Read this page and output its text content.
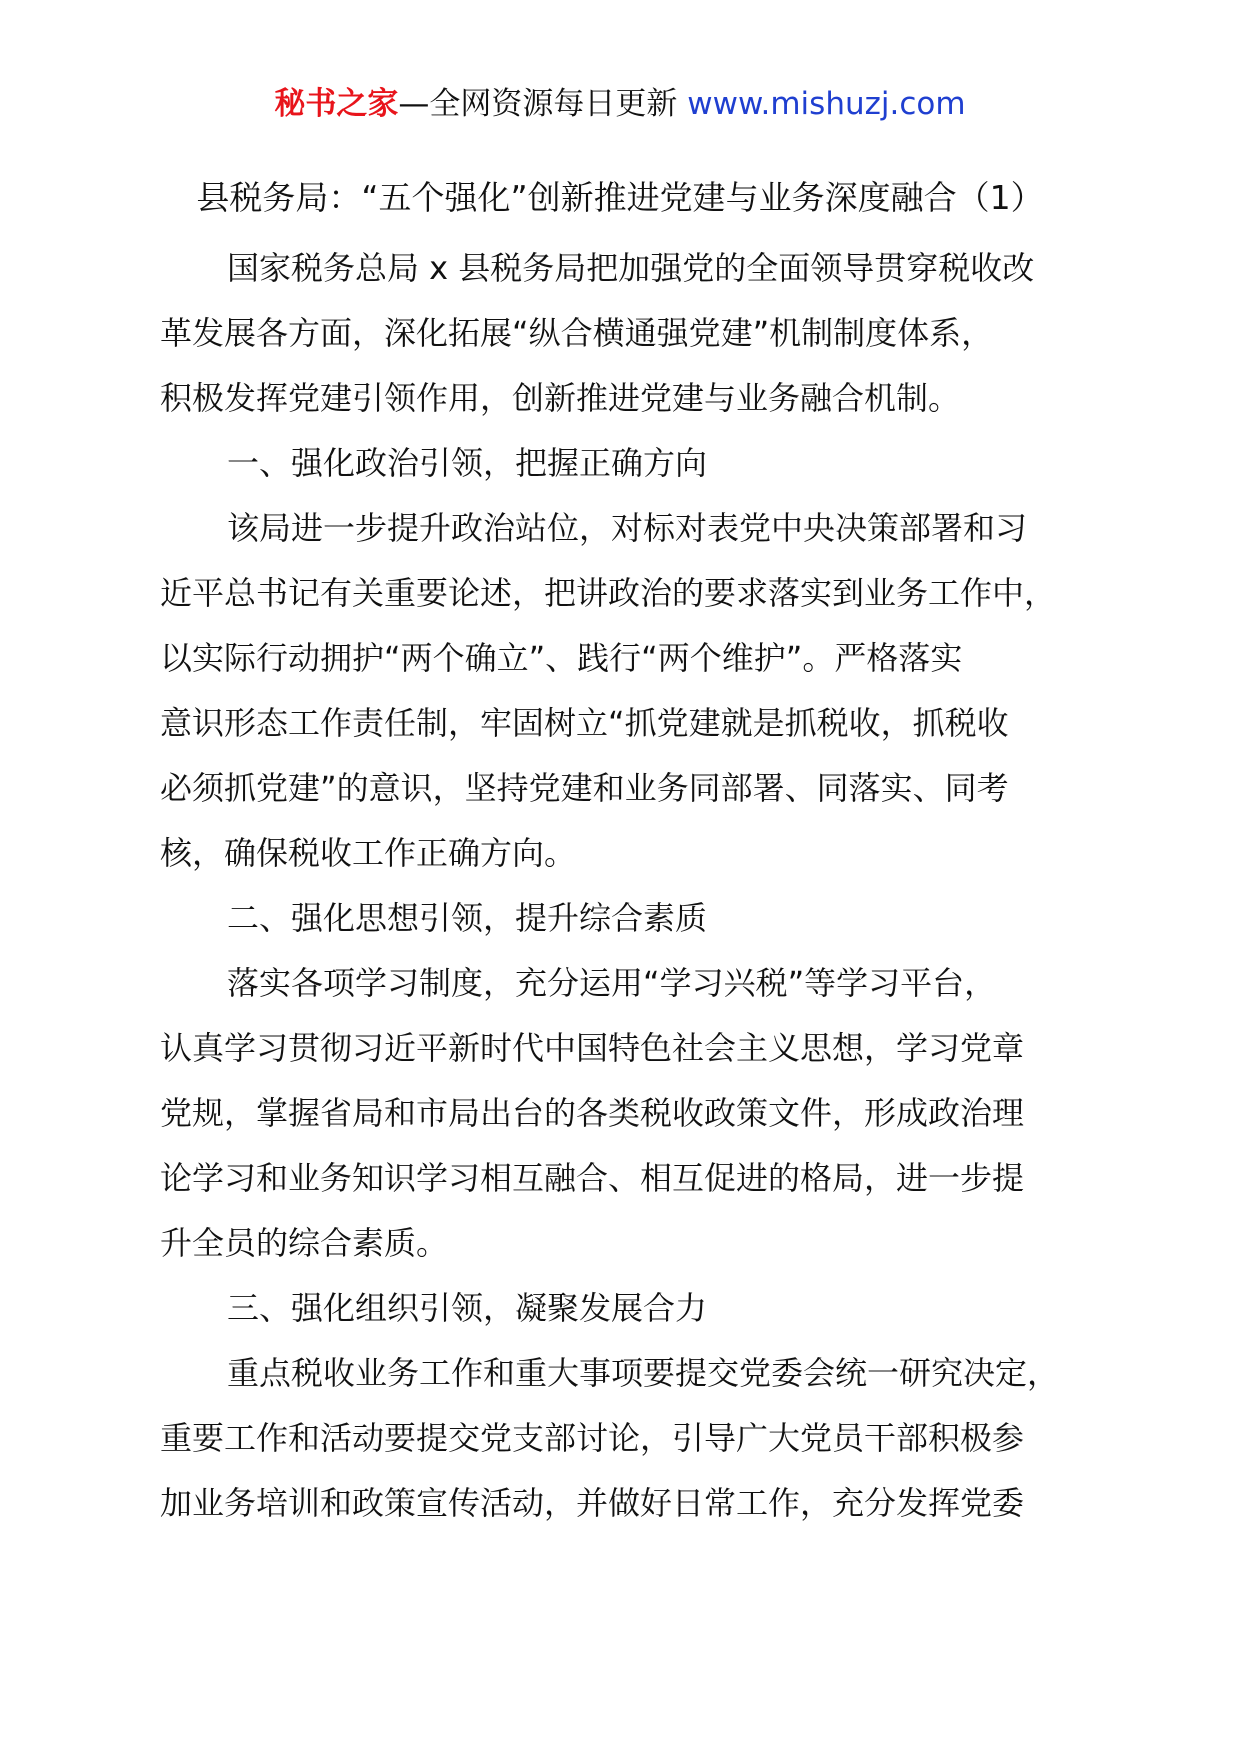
秘书之家—全网资源每日更新 www.mishuzj.com
县税务局：“五个强化”创新推进党建与业务深度融合（1）
国家税务总局 x 县税务局把加强党的全面领导贯穿税收改
革发展各方面，深化拓展“纵合横通强党建”机制制度体系，
积极发挥党建引领作用，创新推进党建与业务融合机制。
一、强化政治引领，把握正确方向
该局进一步提升政治站位，对标对表党中央决策部署和习
近平总书记有关重要论述，把讲政治的要求落实到业务工作中，
以实际行动拥护“两个确立”、践行“两个维护”。严格落实
意识形态工作责任制，牢固树立“抓党建就是抓税收，抓税收
必须抓党建”的意识，坚持党建和业务同部署、同落实、同考
核，确保税收工作正确方向。
二、强化思想引领，提升综合素质
落实各项学习制度，充分运用“学习兴税”等学习平台，
认真学习贯彻习近平新时代中国特色社会主义思想，学习党章
党规，掌握省局和市局出台的各类税收政策文件，形成政治理
论学习和业务知识学习相互融合、相互促进的格局，进一步提
升全员的综合素质。
三、强化组织引领，凝聚发展合力
重点税收业务工作和重大事项要提交党委会统一研究决定，
重要工作和活动要提交党支部讨论，引导广大党员干部积极参
加业务培训和政策宣传活动，并做好日常工作，充分发挥党委
